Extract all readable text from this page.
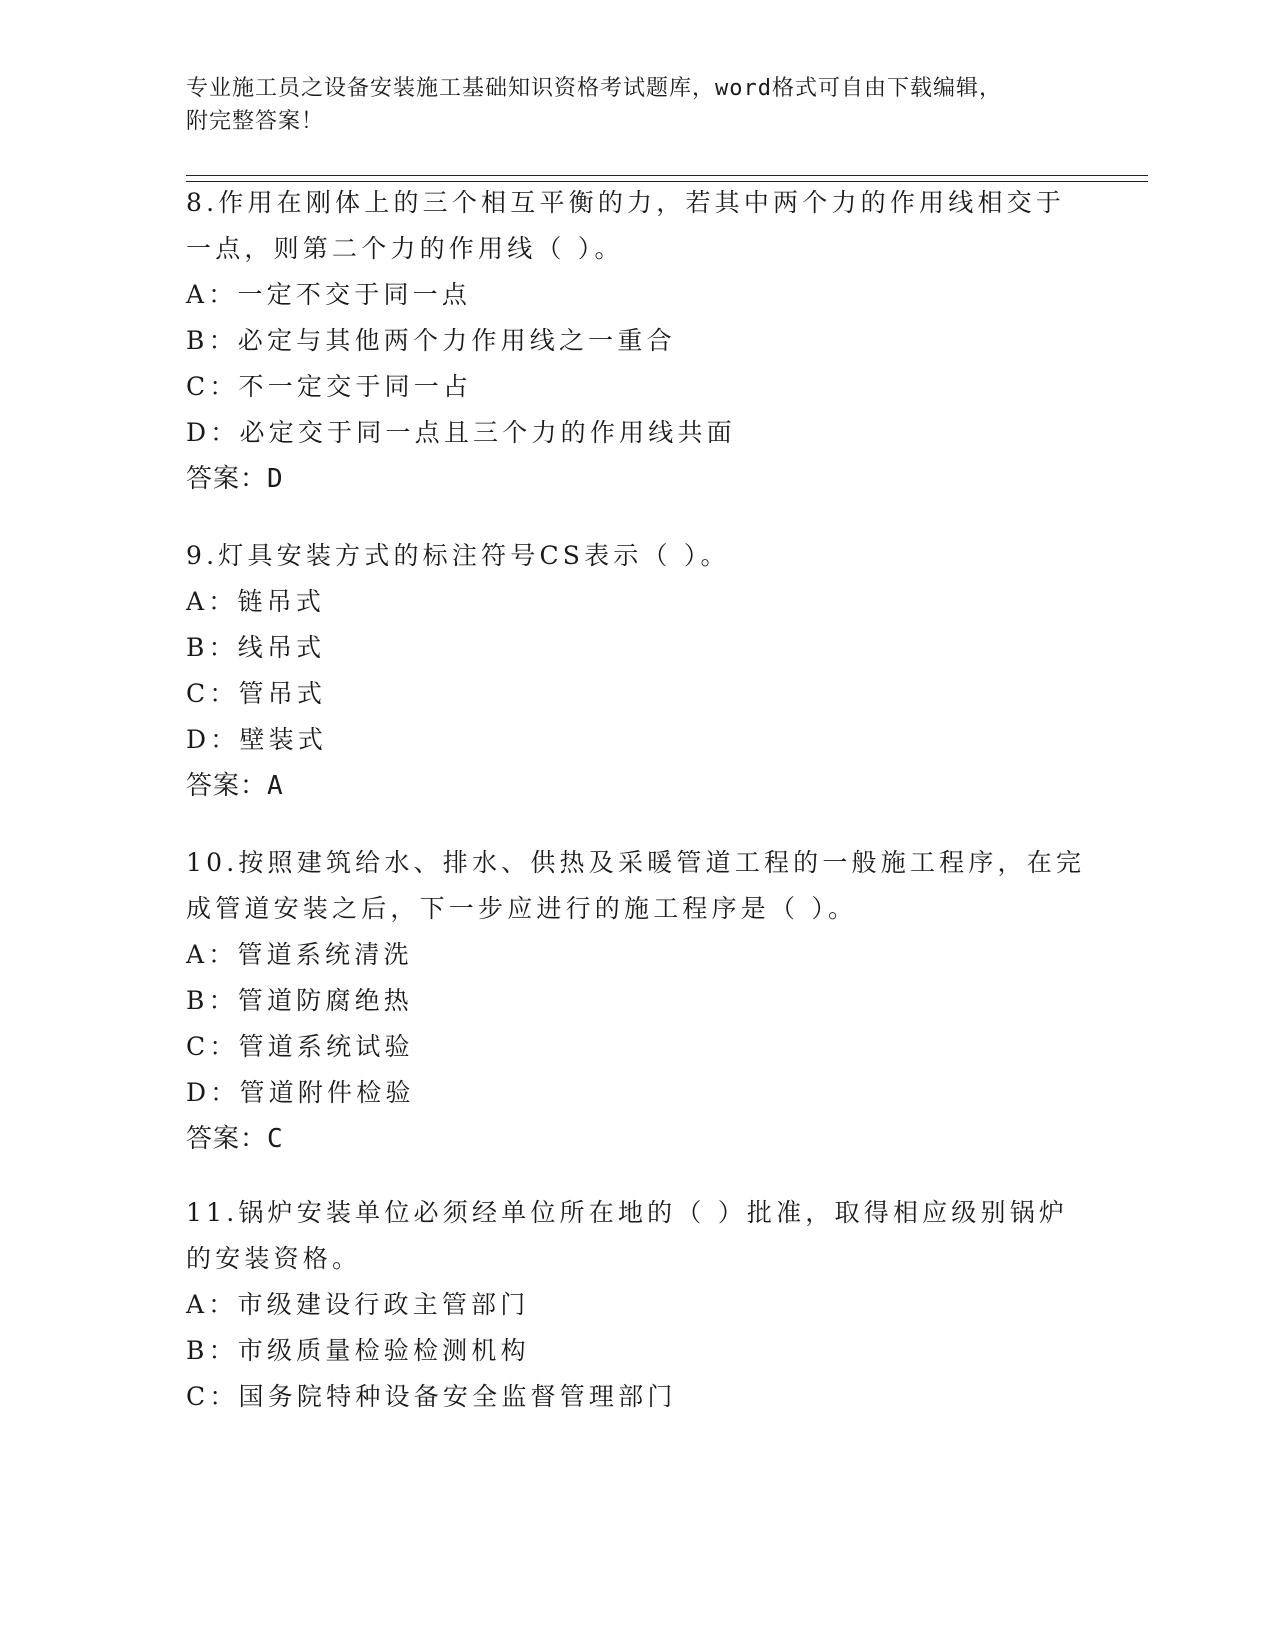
专业施工员之设备安装施工基础知识资格考试题库，word格式可自由下载编辑，
附完整答案！
8.作用在刚体上的三个相互平衡的力，若其中两个力的作用线相交于
一点，则第二个力的作用线（ ）。
A：一定不交于同一点
B：必定与其他两个力作用线之一重合
C：不一定交于同一占
D：必定交于同一点且三个力的作用线共面
答案：D
9.灯具安装方式的标注符号CS表示（ ）。
A：链吊式
B：线吊式
C：管吊式
D：壁装式
答案：A
10.按照建筑给水、排水、供热及采暖管道工程的一般施工程序，在完
成管道安装之后，下一步应进行的施工程序是（ ）。
A：管道系统清洗
B：管道防腐绝热
C：管道系统试验
D：管道附件检验
答案：C
11.锅炉安装单位必须经单位所在地的（ ）批准，取得相应级别锅炉
的安装资格。
A：市级建设行政主管部门
B：市级质量检验检测机构
C：国务院特种设备安全监督管理部门
